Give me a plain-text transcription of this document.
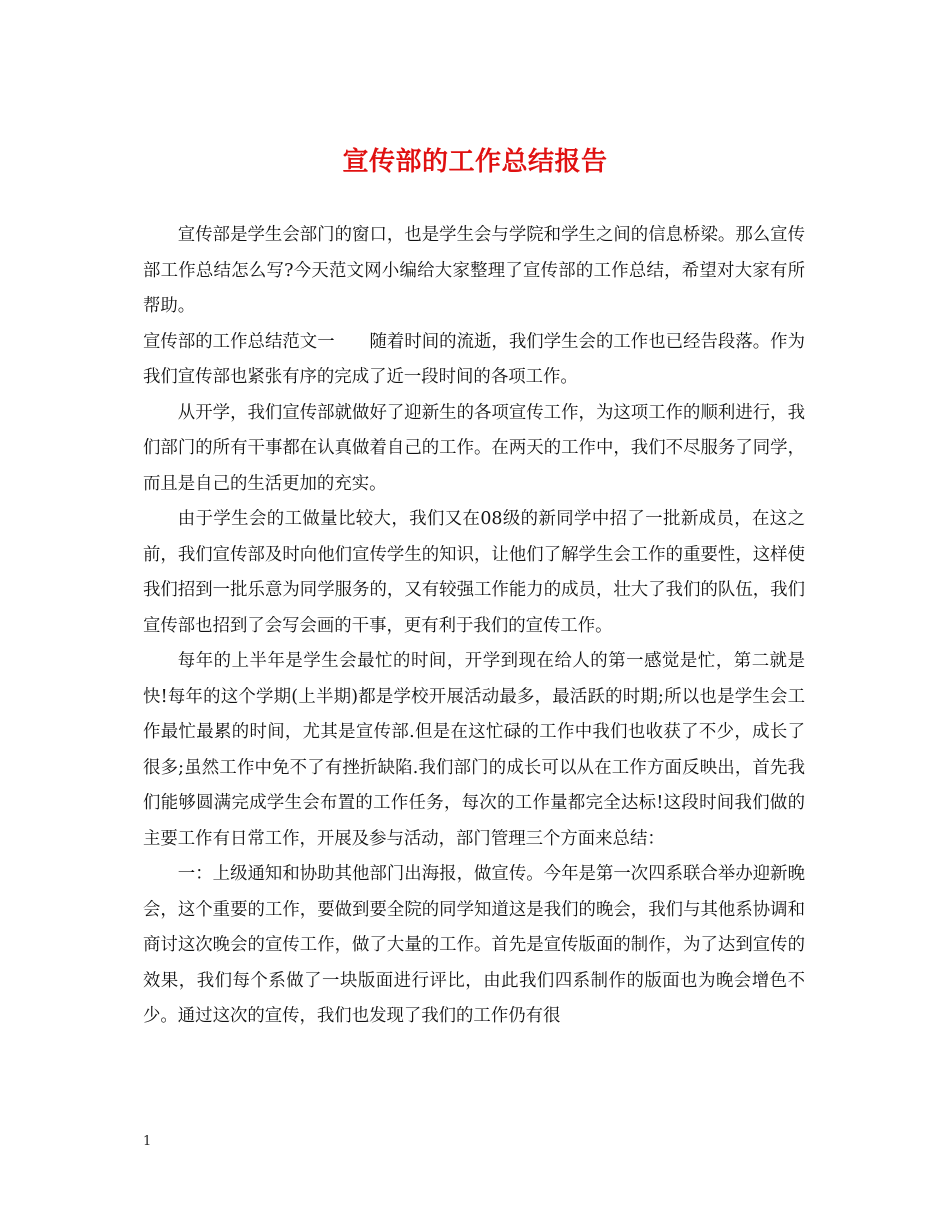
宣传部的工作总结报告

宣传部是学生会部门的窗口，也是学生会与学院和学生之间的信息桥梁。那么宣传部工作总结怎么写?今天范文网小编给大家整理了宣传部的工作总结，希望对大家有所帮助。

宣传部的工作总结范文一　　随着时间的流逝，我们学生会的工作也已经告段落。作为我们宣传部也紧张有序的完成了近一段时间的各项工作。

从开学，我们宣传部就做好了迎新生的各项宣传工作，为这项工作的顺利进行，我们部门的所有干事都在认真做着自己的工作。在两天的工作中，我们不尽服务了同学，而且是自己的生活更加的充实。

由于学生会的工做量比较大，我们又在08级的新同学中招了一批新成员，在这之前，我们宣传部及时向他们宣传学生的知识，让他们了解学生会工作的重要性，这样使我们招到一批乐意为同学服务的，又有较强工作能力的成员，壮大了我们的队伍，我们宣传部也招到了会写会画的干事，更有利于我们的宣传工作。

每年的上半年是学生会最忙的时间，开学到现在给人的第一感觉是忙，第二就是快!每年的这个学期(上半期)都是学校开展活动最多，最活跃的时期;所以也是学生会工作最忙最累的时间，尤其是宣传部.但是在这忙碌的工作中我们也收获了不少，成长了很多;虽然工作中免不了有挫折缺陷.我们部门的成长可以从在工作方面反映出，首先我们能够圆满完成学生会布置的工作任务，每次的工作量都完全达标!这段时间我们做的主要工作有日常工作，开展及参与活动，部门管理三个方面来总结：

一：上级通知和协助其他部门出海报，做宣传。今年是第一次四系联合举办迎新晚会，这个重要的工作，要做到要全院的同学知道这是我们的晚会，我们与其他系协调和商讨这次晚会的宣传工作，做了大量的工作。首先是宣传版面的制作，为了达到宣传的效果，我们每个系做了一块版面进行评比，由此我们四系制作的版面也为晚会增色不少。通过这次的宣传，我们也发现了我们的工作仍有很

1
